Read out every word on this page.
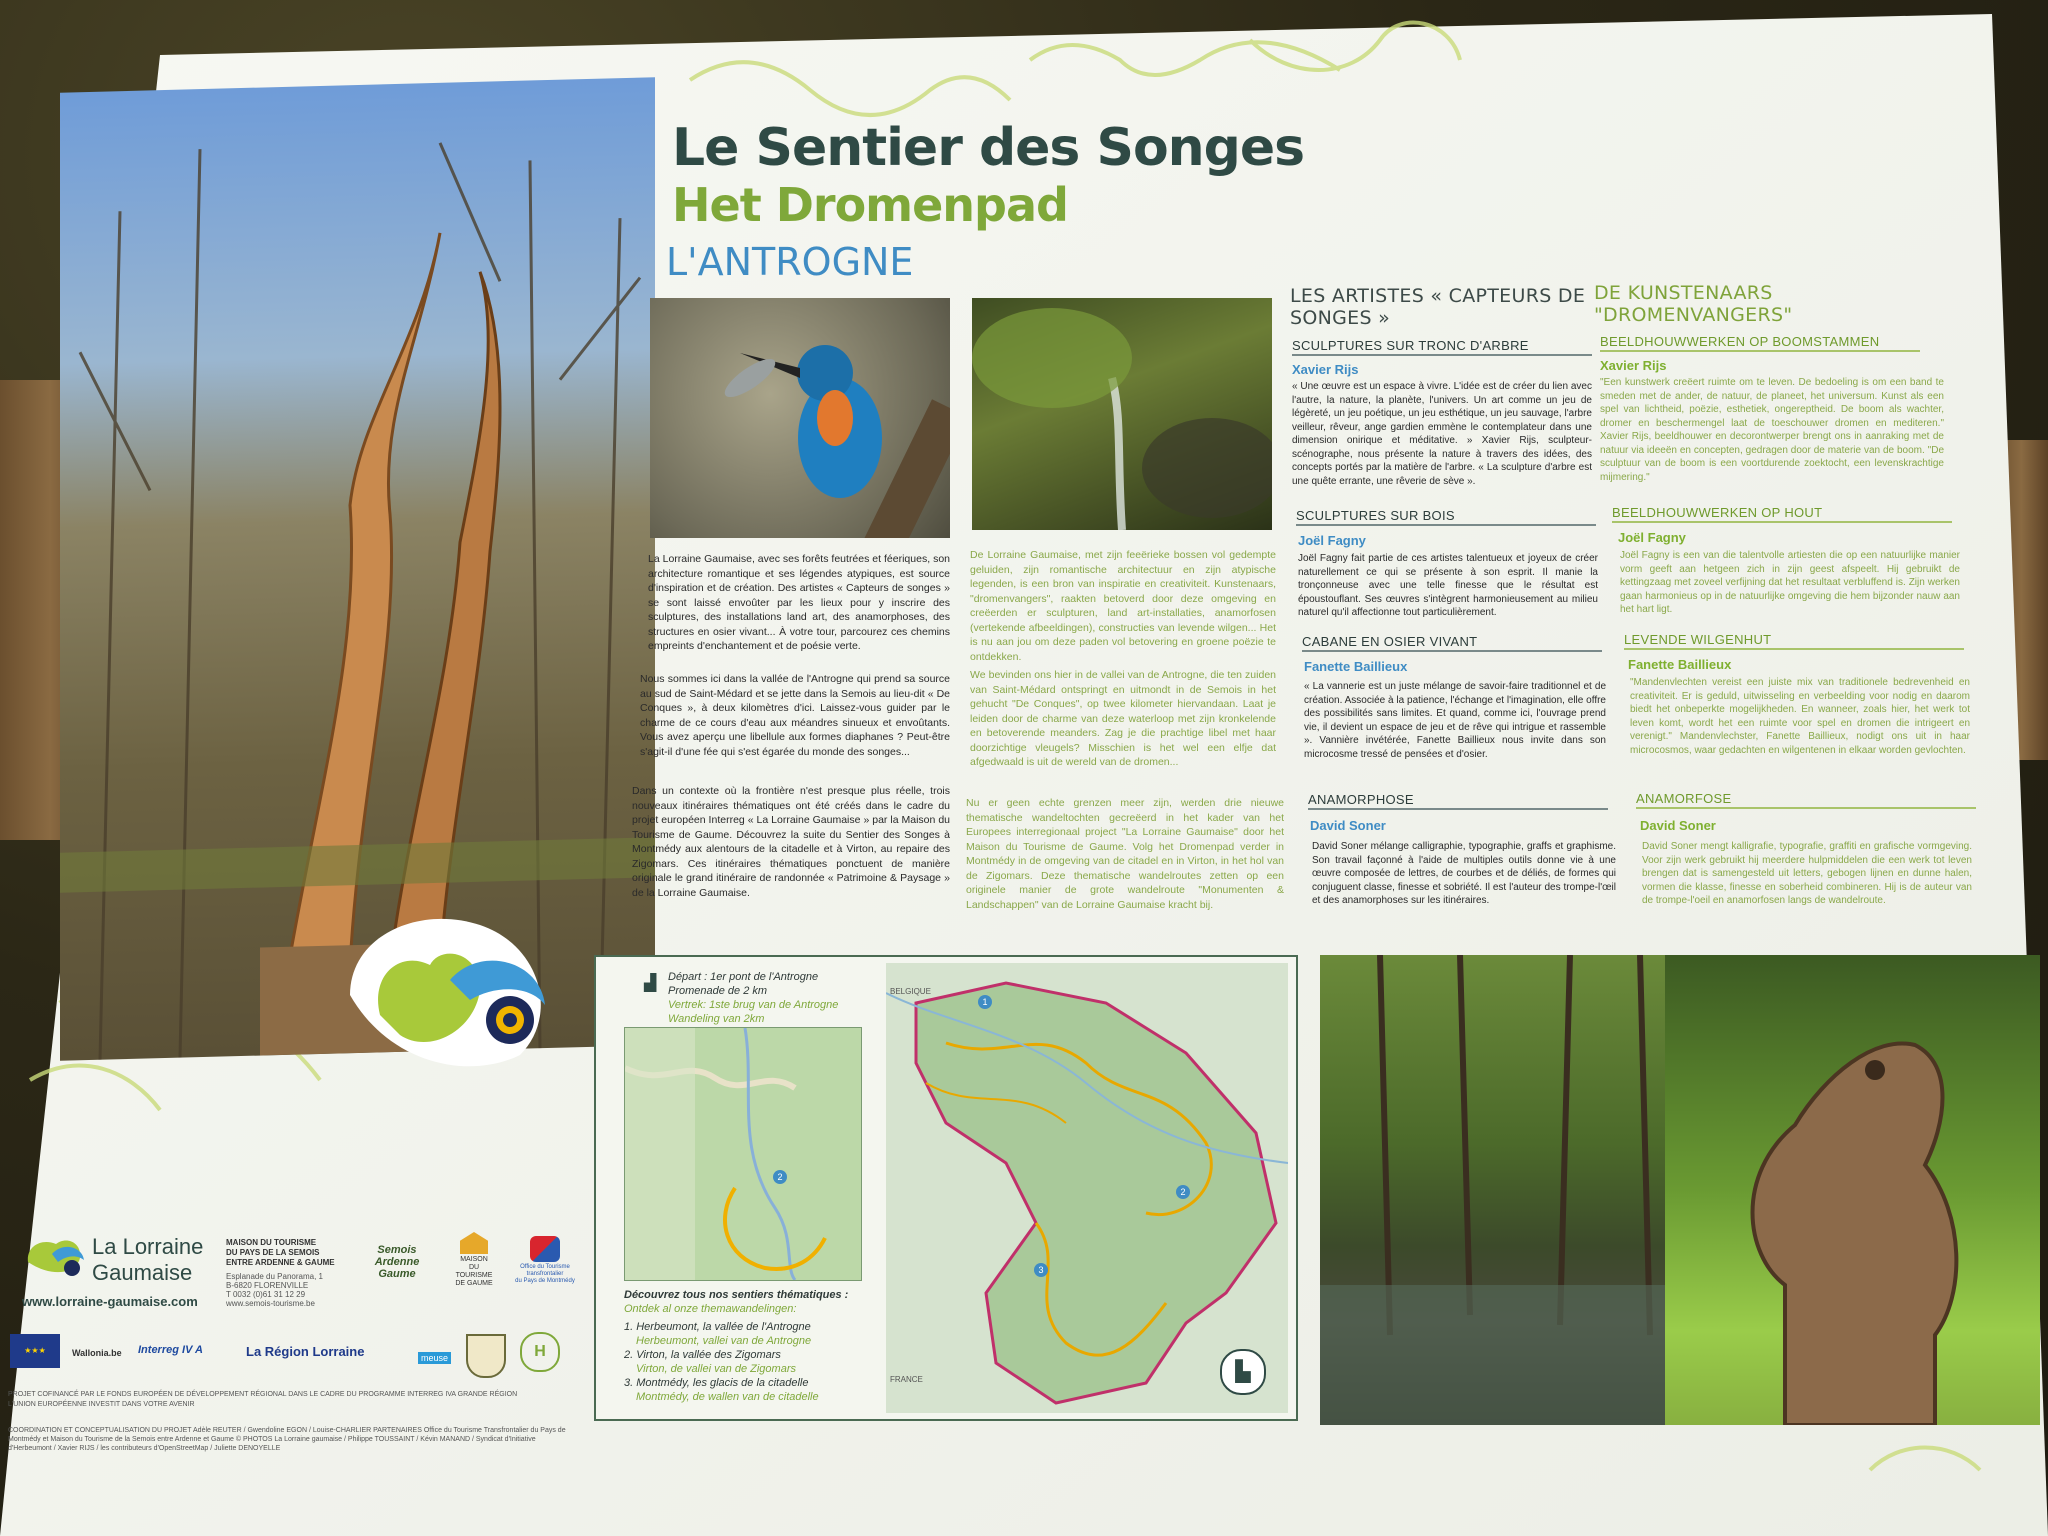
Le Sentier des Songes
Het Dromenpad
L'ANTROGNE
La Lorraine Gaumaise, avec ses forêts feutrées et féeriques, son architecture romantique et ses légendes atypiques, est source d'inspiration et de création. Des artistes « Capteurs de songes » se sont laissé envoûter par les lieux pour y inscrire des sculptures, des installations land art, des anamorphoses, des structures en osier vivant... À votre tour, parcourez ces chemins empreints d'enchantement et de poésie verte.
Nous sommes ici dans la vallée de l'Antrogne qui prend sa source au sud de Saint-Médard et se jette dans la Semois au lieu-dit « De Conques », à deux kilomètres d'ici. Laissez-vous guider par le charme de ce cours d'eau aux méandres sinueux et envoûtants. Vous avez aperçu une libellule aux formes diaphanes ? Peut-être s'agit-il d'une fée qui s'est égarée du monde des songes...
Dans un contexte où la frontière n'est presque plus réelle, trois nouveaux itinéraires thématiques ont été créés dans le cadre du projet européen Interreg « La Lorraine Gaumaise » par la Maison du Tourisme de Gaume. Découvrez la suite du Sentier des Songes à Montmédy aux alentours de la citadelle et à Virton, au repaire des Zigomars. Ces itinéraires thématiques ponctuent de manière originale le grand itinéraire de randonnée « Patrimoine & Paysage » de la Lorraine Gaumaise.
De Lorraine Gaumaise, met zijn feeërieke bossen vol gedempte geluiden, zijn romantische architectuur en zijn atypische legenden, is een bron van inspiratie en creativiteit. Kunstenaars, "dromenvangers", raakten betoverd door deze omgeving en creëerden er sculpturen, land art-installaties, anamorfosen (vertekende afbeeldingen), constructies van levende wilgen... Het is nu aan jou om deze paden vol betovering en groene poëzie te ontdekken.
We bevinden ons hier in de vallei van de Antrogne, die ten zuiden van Saint-Médard ontspringt en uitmondt in de Semois in het gehucht "De Conques", op twee kilometer hiervandaan. Laat je leiden door de charme van deze waterloop met zijn kronkelende en betoverende meanders. Zag je die prachtige libel met haar doorzichtige vleugels? Misschien is het wel een elfje dat afgedwaald is uit de wereld van de dromen...
Nu er geen echte grenzen meer zijn, werden drie nieuwe thematische wandeltochten gecreëerd in het kader van het Europees interregionaal project "La Lorraine Gaumaise" door het Maison du Tourisme de Gaume. Volg het Dromenpad verder in Montmédy in de omgeving van de citadel en in Virton, in het hol van de Zigomars. Deze thematische wandelroutes zetten op een originele manier de grote wandelroute "Monumenten & Landschappen" van de Lorraine Gaumaise kracht bij.
LES ARTISTES « CAPTEURS DE SONGES »
SCULPTURES SUR TRONC D'ARBRE
Xavier Rijs
« Une œuvre est un espace à vivre. L'idée est de créer du lien avec l'autre, la nature, la planète, l'univers. Un art comme un jeu de légèreté, un jeu poétique, un jeu esthétique, un jeu sauvage, l'arbre veilleur, rêveur, ange gardien emmène le contemplateur dans une dimension onirique et méditative. » Xavier Rijs, sculpteur-scénographe, nous présente la nature à travers des idées, des concepts portés par la matière de l'arbre. « La sculpture d'arbre est une quête errante, une rêverie de sève ».
SCULPTURES SUR BOIS
Joël Fagny
Joël Fagny fait partie de ces artistes talentueux et joyeux de créer naturellement ce qui se présente à son esprit. Il manie la tronçonneuse avec une telle finesse que le résultat est époustouflant. Ses œuvres s'intègrent harmonieusement au milieu naturel qu'il affectionne tout particulièrement.
CABANE EN OSIER VIVANT
Fanette Baillieux
« La vannerie est un juste mélange de savoir-faire traditionnel et de création. Associée à la patience, l'échange et l'imagination, elle offre des possibilités sans limites. Et quand, comme ici, l'ouvrage prend vie, il devient un espace de jeu et de rêve qui intrigue et rassemble ». Vannière invétérée, Fanette Baillieux nous invite dans son microcosme tressé de pensées et d'osier.
ANAMORPHOSE
David Soner
David Soner mélange calligraphie, typographie, graffs et graphisme. Son travail façonné à l'aide de multiples outils donne vie à une œuvre composée de lettres, de courbes et de déliés, de formes qui conjuguent classe, finesse et sobriété. Il est l'auteur des trompe-l'œil et des anamorphoses sur les itinéraires.
DE KUNSTENAARS "DROMENVANGERS"
BEELDHOUWWERKEN OP BOOMSTAMMEN
Xavier Rijs
"Een kunstwerk creëert ruimte om te leven. De bedoeling is om een band te smeden met de ander, de natuur, de planeet, het universum. Kunst als een spel van lichtheid, poëzie, esthetiek, ongerepthеid. De boom als wachter, dromer en beschermengel laat de toeschouwer dromen en mediteren." Xavier Rijs, beeldhouwer en decorontwerper brengt ons in aanraking met de natuur via ideeën en concepten, gedragen door de materie van de boom. "De sculptuur van de boom is een voortdurende zoektocht, een levenskrachtige mijmering."
BEELDHOUWWERKEN OP HOUT
Joël Fagny
Joël Fagny is een van die talentvolle artiesten die op een natuurlijke manier vorm geeft aan hetgeen zich in zijn geest afspeelt. Hij gebruikt de kettingzaag met zoveel verfijning dat het resultaat verbluffend is. Zijn werken gaan harmonieus op in de natuurlijke omgeving die hem bijzonder nauw aan het hart ligt.
LEVENDE WILGENHUT
Fanette Baillieux
"Mandenvlechten vereist een juiste mix van traditionele bedrevenheid en creativiteit. Er is geduld, uitwisseling en verbeelding voor nodig en daarom biedt het onbeperkte mogelijkheden. En wanneer, zoals hier, het werk tot leven komt, wordt het een ruimte voor spel en dromen die intrigeert en verenigt." Mandenvlechster, Fanette Baillieux, nodigt ons uit in haar microcosmos, waar gedachten en wilgentenen in elkaar worden gevlochten.
ANAMORFOSE
David Soner
David Soner mengt kalligrafie, typografie, graffiti en grafische vormgeving. Voor zijn werk gebruikt hij meerdere hulpmiddelen die een werk tot leven brengen dat is samengesteld uit letters, gebogen lijnen en dunne halen, vormen die klasse, finesse en soberheid combineren. Hij is de auteur van de trompe-l'oeil en anamorfosen langs de wandelroute.
▟ Départ : 1er pont de l'Antrogne
Promenade de 2 km
Vertrek: 1ste brug van de Antrogne
Wandeling van 2km
2
Découvrez tous nos sentiers thématiques :
Ontdek al onze themawandelingen:
1. Herbeumont, la vallée de l'Antrogne
Herbeumont, vallei van de Antrogne
2. Virton, la vallée des Zigomars
Virton, de vallei van de Zigomars
3. Montmédy, les glacis de la citadelle
Montmédy, de wallen van de citadelle
BELGIQUE
FRANCE
1
2
3
▙
La Lorraine
Gaumaise
www.lorraine-gaumaise.com
MAISON DU TOURISME
DU PAYS DE LA SEMOIS
ENTRE ARDENNE & GAUME
Esplanade du Panorama, 1
B-6820 FLORENVILLE
T 0032 (0)61 31 12 29
www.semois-tourisme.be
Semois
Ardenne
Gaume
MAISON
DU
TOURISME
DE GAUME
Office du Tourisme
transfrontalier
du Pays de Montmédy
★★★	Wallonia.be Interreg IV A	La Région Lorraine	meuse	H
PROJET COFINANCÉ PAR LE FONDS EUROPÉEN DE DÉVELOPPEMENT RÉGIONAL DANS LE CADRE DU PROGRAMME INTERREG IVA GRANDE RÉGION
L'UNION EUROPÉENNE INVESTIT DANS VOTRE AVENIR
COORDINATION ET CONCEPTUALISATION DU PROJET Adèle REUTER / Gwendoline EGON / Louise-CHARLIER PARTENAIRES Office du Tourisme Transfrontalier du Pays de Montmédy et Maison du Tourisme de la Semois entre Ardenne et Gaume © PHOTOS La Lorraine gaumaise / Philippe TOUSSAINT / Kévin MANAND / Syndicat d'Initiative d'Herbeumont / Xavier RIJS / les contributeurs d'OpenStreetMap / Juliette DENOYELLE
